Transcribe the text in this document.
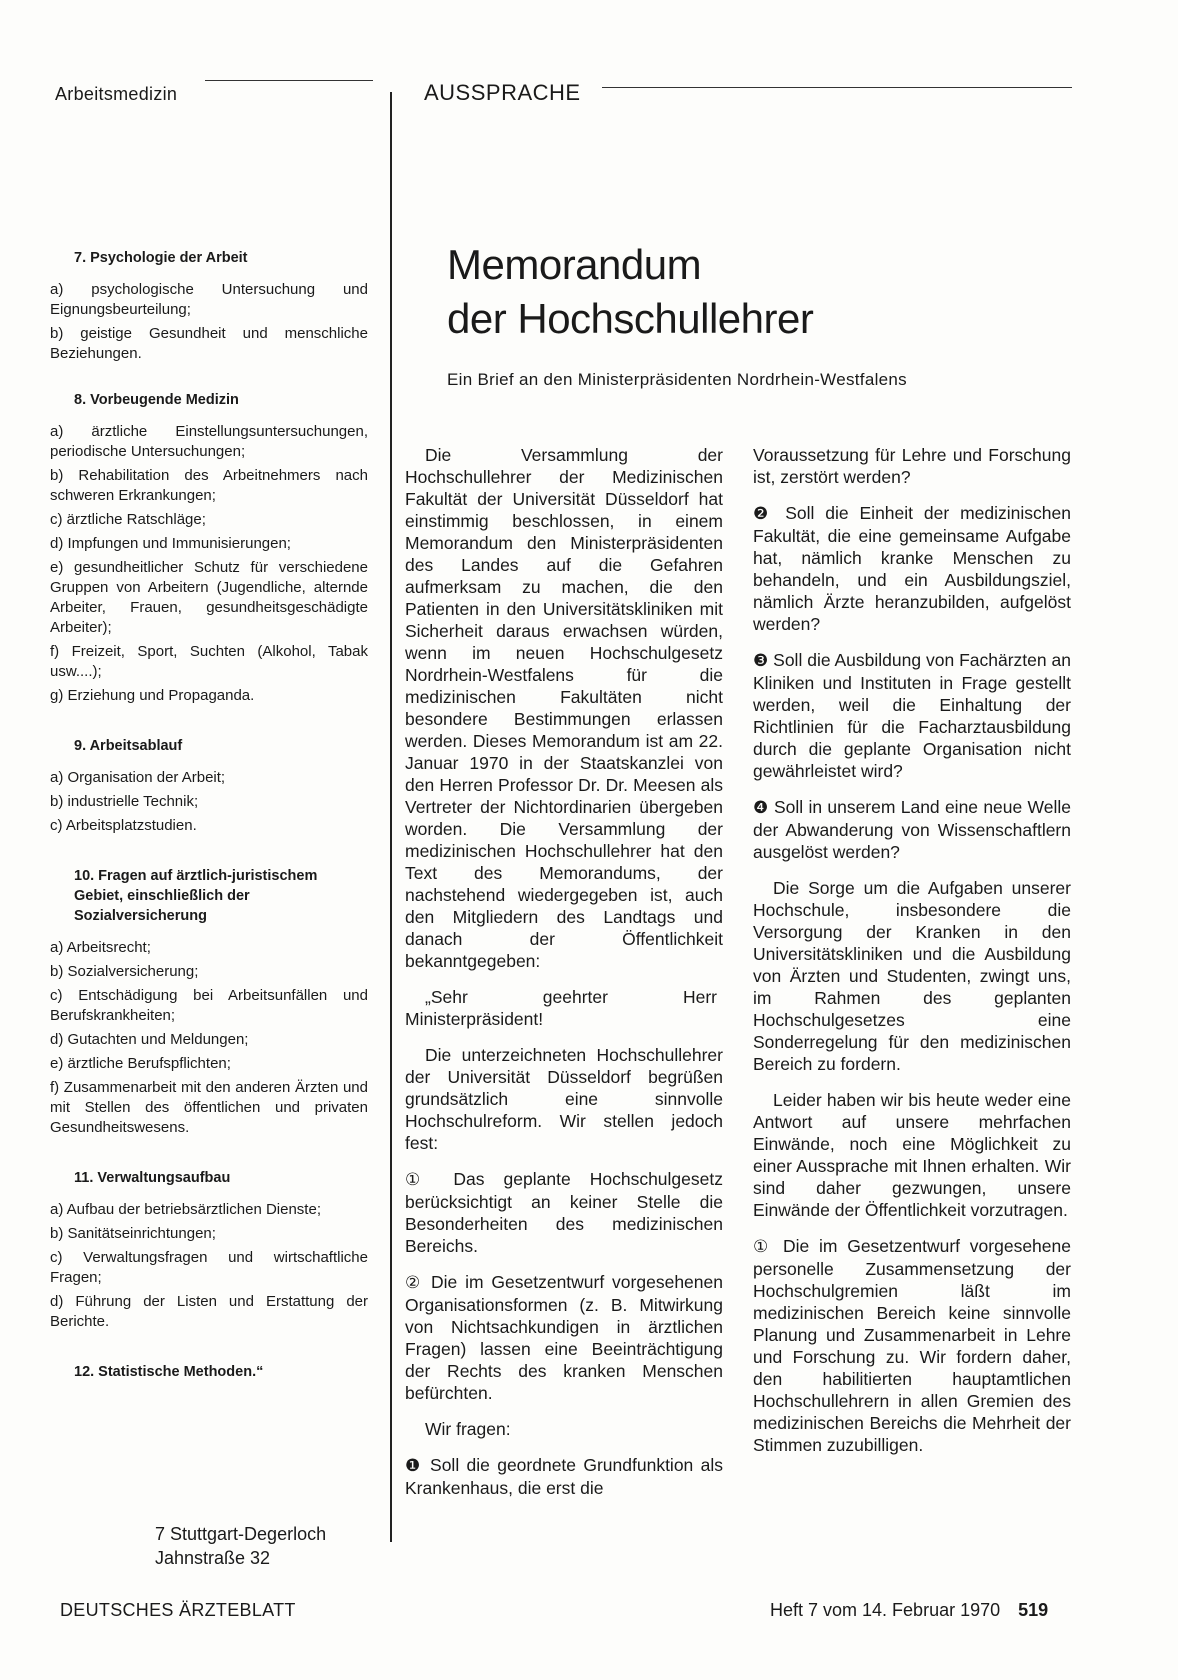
Arbeitsmedizin	AUSSPRACHE
7. Psychologie der Arbeit

a) psychologische Untersuchung und Eignungsbeurteilung;

b) geistige Gesundheit und menschliche Beziehungen.

8. Vorbeugende Medizin

a) ärztliche Einstellungsuntersuchungen, periodische Untersuchungen;

b) Rehabilitation des Arbeitnehmers nach schweren Erkrankungen;

c) ärztliche Ratschläge;

d) Impfungen und Immunisierungen;

e) gesundheitlicher Schutz für verschiedene Gruppen von Arbeitern (Jugendliche, alternde Arbeiter, Frauen, gesundheitsgeschädigte Arbeiter);

f) Freizeit, Sport, Suchten (Alkohol, Tabak usw....);

g) Erziehung und Propaganda.

9. Arbeitsablauf

a) Organisation der Arbeit;

b) industrielle Technik;

c) Arbeitsplatzstudien.

10. Fragen auf ärztlich-juristischem Gebiet, einschließlich der Sozialversicherung

a) Arbeitsrecht;

b) Sozialversicherung;

c) Entschädigung bei Arbeitsunfällen und Berufskrankheiten;

d) Gutachten und Meldungen;

e) ärztliche Berufspflichten;

f) Zusammenarbeit mit den anderen Ärzten und mit Stellen des öffentlichen und privaten Gesundheitswesens.

11. Verwaltungsaufbau

a) Aufbau der betriebsärztlichen Dienste;

b) Sanitätseinrichtungen;

c) Verwaltungsfragen und wirtschaftliche Fragen;

d) Führung der Listen und Erstattung der Berichte.

12. Statistische Methoden.“
7 Stuttgart-Degerloch
Jahnstraße 32
Memorandum
der Hochschullehrer
Ein Brief an den Ministerpräsidenten Nordrhein-Westfalens

Die Versammlung der Hochschullehrer der Medizinischen Fakultät der Universität Düsseldorf hat einstimmig beschlossen, in einem Memorandum den Ministerpräsidenten des Landes auf die Gefahren aufmerksam zu machen, die den Patienten in den Universitätskliniken mit Sicherheit daraus erwachsen würden, wenn im neuen Hochschulgesetz Nordrhein-Westfalens für die medizinischen Fakultäten nicht besondere Bestimmungen erlassen werden. Dieses Memorandum ist am 22. Januar 1970 in der Staatskanzlei von den Herren Professor Dr. Dr. Meesen als Vertreter der Nichtordinarien übergeben worden. Die Versammlung der medizinischen Hochschullehrer hat den Text des Memorandums, der nachstehend wiedergegeben ist, auch den Mitgliedern des Landtags und danach der Öffentlichkeit bekanntgegeben:

„Sehr geehrter Herr Ministerpräsident!

Die unterzeichneten Hochschullehrer der Universität Düsseldorf begrüßen grundsätzlich eine sinnvolle Hochschulreform. Wir stellen jedoch fest:

① Das geplante Hochschulgesetz berücksichtigt an keiner Stelle die Besonderheiten des medizinischen Bereichs.

② Die im Gesetzentwurf vorgesehenen Organisationsformen (z. B. Mitwirkung von Nichtsachkundigen in ärztlichen Fragen) lassen eine Beeinträchtigung der Rechts des kranken Menschen befürchten.

Wir fragen:

❶ Soll die geordnete Grundfunktion als Krankenhaus, die erst die

Voraussetzung für Lehre und Forschung ist, zerstört werden?

❷ Soll die Einheit der medizinischen Fakultät, die eine gemeinsame Aufgabe hat, nämlich kranke Menschen zu behandeln, und ein Ausbildungsziel, nämlich Ärzte heranzubilden, aufgelöst werden?

❸ Soll die Ausbildung von Fachärzten an Kliniken und Instituten in Frage gestellt werden, weil die Einhaltung der Richtlinien für die Facharztausbildung durch die geplante Organisation nicht gewährleistet wird?

❹ Soll in unserem Land eine neue Welle der Abwanderung von Wissenschaftlern ausgelöst werden?

Die Sorge um die Aufgaben unserer Hochschule, insbesondere die Versorgung der Kranken in den Universitätskliniken und die Ausbildung von Ärzten und Studenten, zwingt uns, im Rahmen des geplanten Hochschulgesetzes eine Sonderregelung für den medizinischen Bereich zu fordern.

Leider haben wir bis heute weder eine Antwort auf unsere mehrfachen Einwände, noch eine Möglichkeit zu einer Aussprache mit Ihnen erhalten. Wir sind daher gezwungen, unsere Einwände der Öffentlichkeit vorzutragen.

① Die im Gesetzentwurf vorgesehene personelle Zusammensetzung der Hochschulgremien läßt im medizinischen Bereich keine sinnvolle Planung und Zusammenarbeit in Lehre und Forschung zu. Wir fordern daher, den habilitierten hauptamtlichen Hochschullehrern in allen Gremien des medizinischen Bereichs die Mehrheit der Stimmen zuzubilligen.

DEUTSCHES ÄRZTEBLATT	Heft 7 vom 14. Februar 1970 519
